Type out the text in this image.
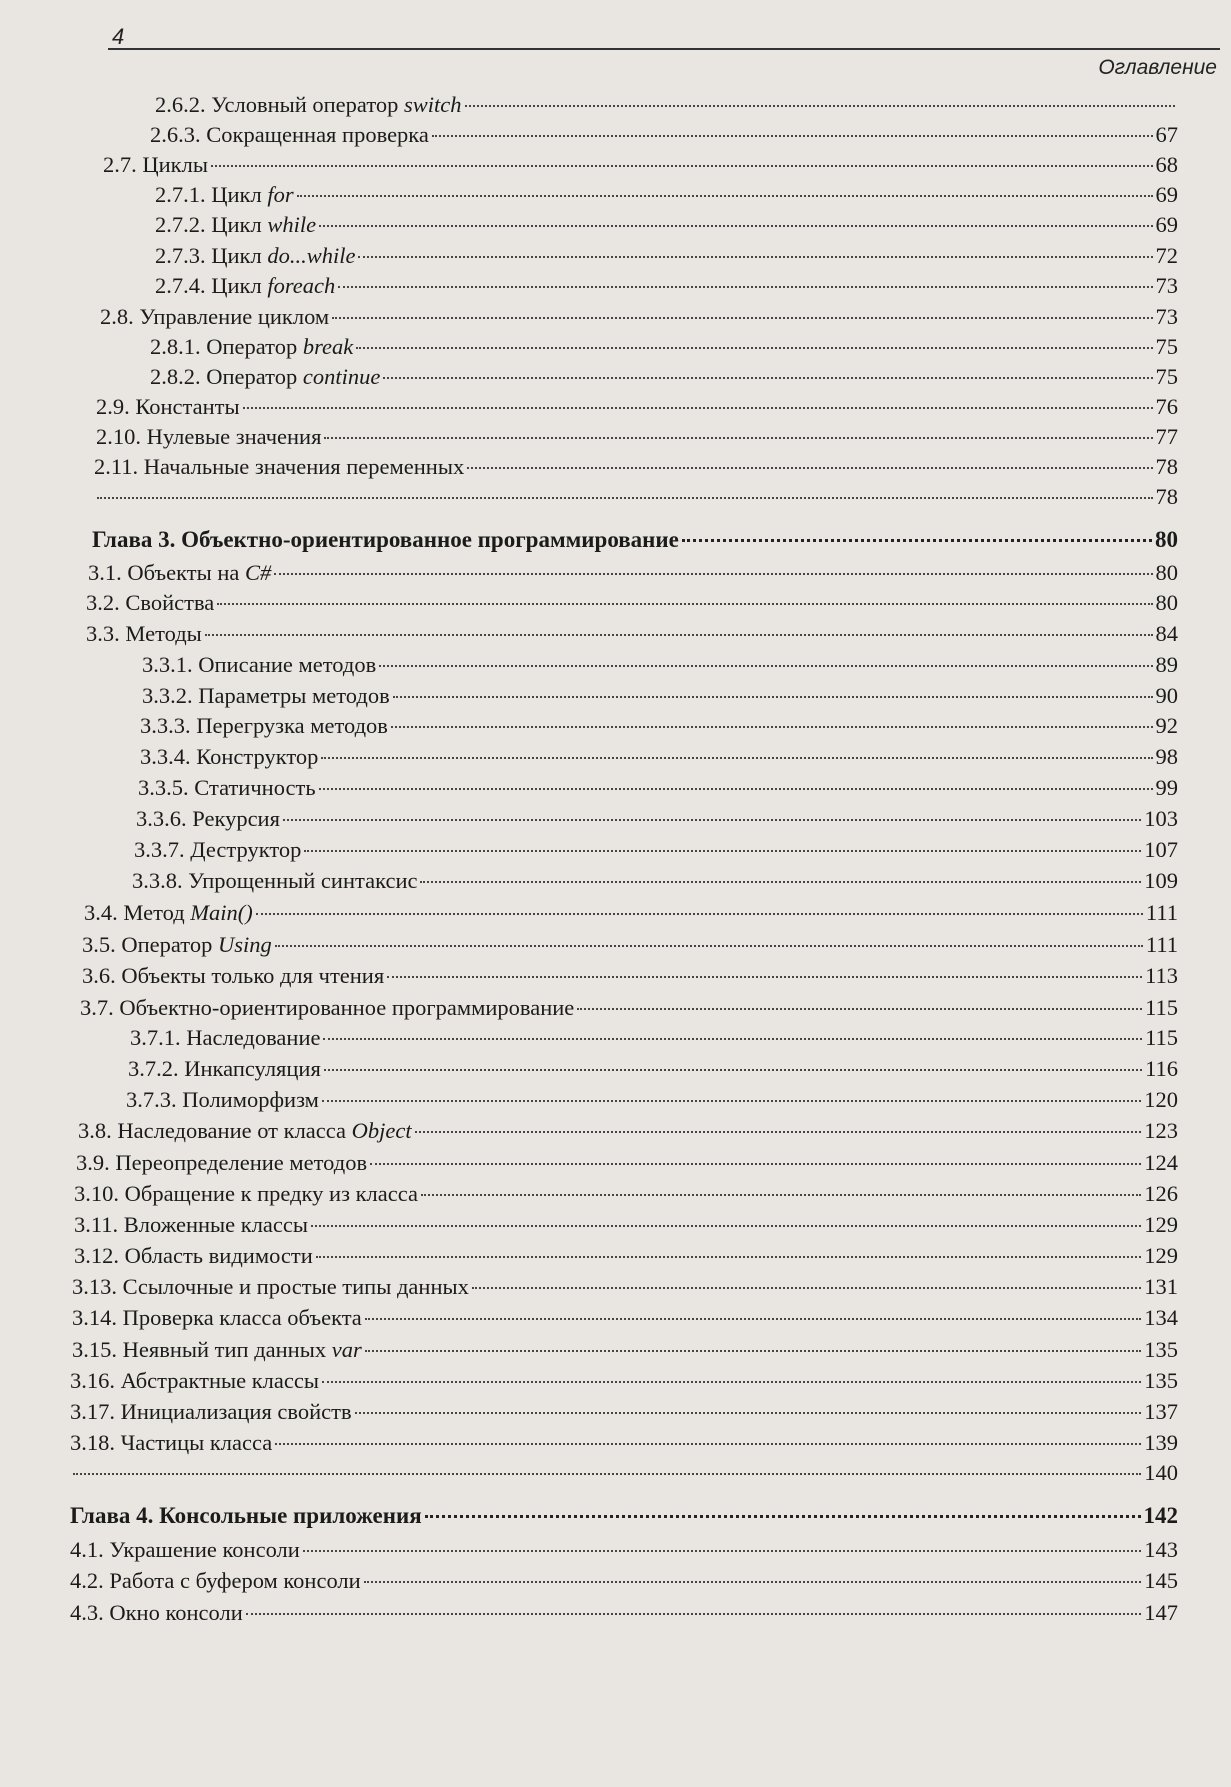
4
Оглавление
2.6.2. Условный оператор switch
2.6.3. Сокращенная проверка	67
2.7. Циклы	68
2.7.1. Цикл for	69
2.7.2. Цикл while	69
2.7.3. Цикл do...while	72
2.7.4. Цикл foreach	73
2.8. Управление циклом	73
2.8.1. Оператор break	75
2.8.2. Оператор continue	75
2.9. Константы	76
2.10. Нулевые значения	77
2.11. Начальные значения переменных	78
78
Глава 3. Объектно-ориентированное программирование	80
3.1. Объекты на C#	80
3.2. Свойства	80
3.3. Методы	84
3.3.1. Описание методов	89
3.3.2. Параметры методов	90
3.3.3. Перегрузка методов	92
3.3.4. Конструктор	98
3.3.5. Статичность	99
3.3.6. Рекурсия	103
3.3.7. Деструктор	107
3.3.8. Упрощенный синтаксис	109
3.4. Метод Main()	111
3.5. Оператор Using	111
3.6. Объекты только для чтения	113
3.7. Объектно-ориентированное программирование	115
3.7.1. Наследование	115
3.7.2. Инкапсуляция	116
3.7.3. Полиморфизм	120
3.8. Наследование от класса Object	123
3.9. Переопределение методов	124
3.10. Обращение к предку из класса	126
3.11. Вложенные классы	129
3.12. Область видимости	129
3.13. Ссылочные и простые типы данных	131
3.14. Проверка класса объекта	134
3.15. Неявный тип данных var	135
3.16. Абстрактные классы	135
3.17. Инициализация свойств	137
3.18. Частицы класса	139
140
Глава 4. Консольные приложения	142
4.1. Украшение консоли	143
4.2. Работа с буфером консоли	145
4.3. Окно консоли	147
